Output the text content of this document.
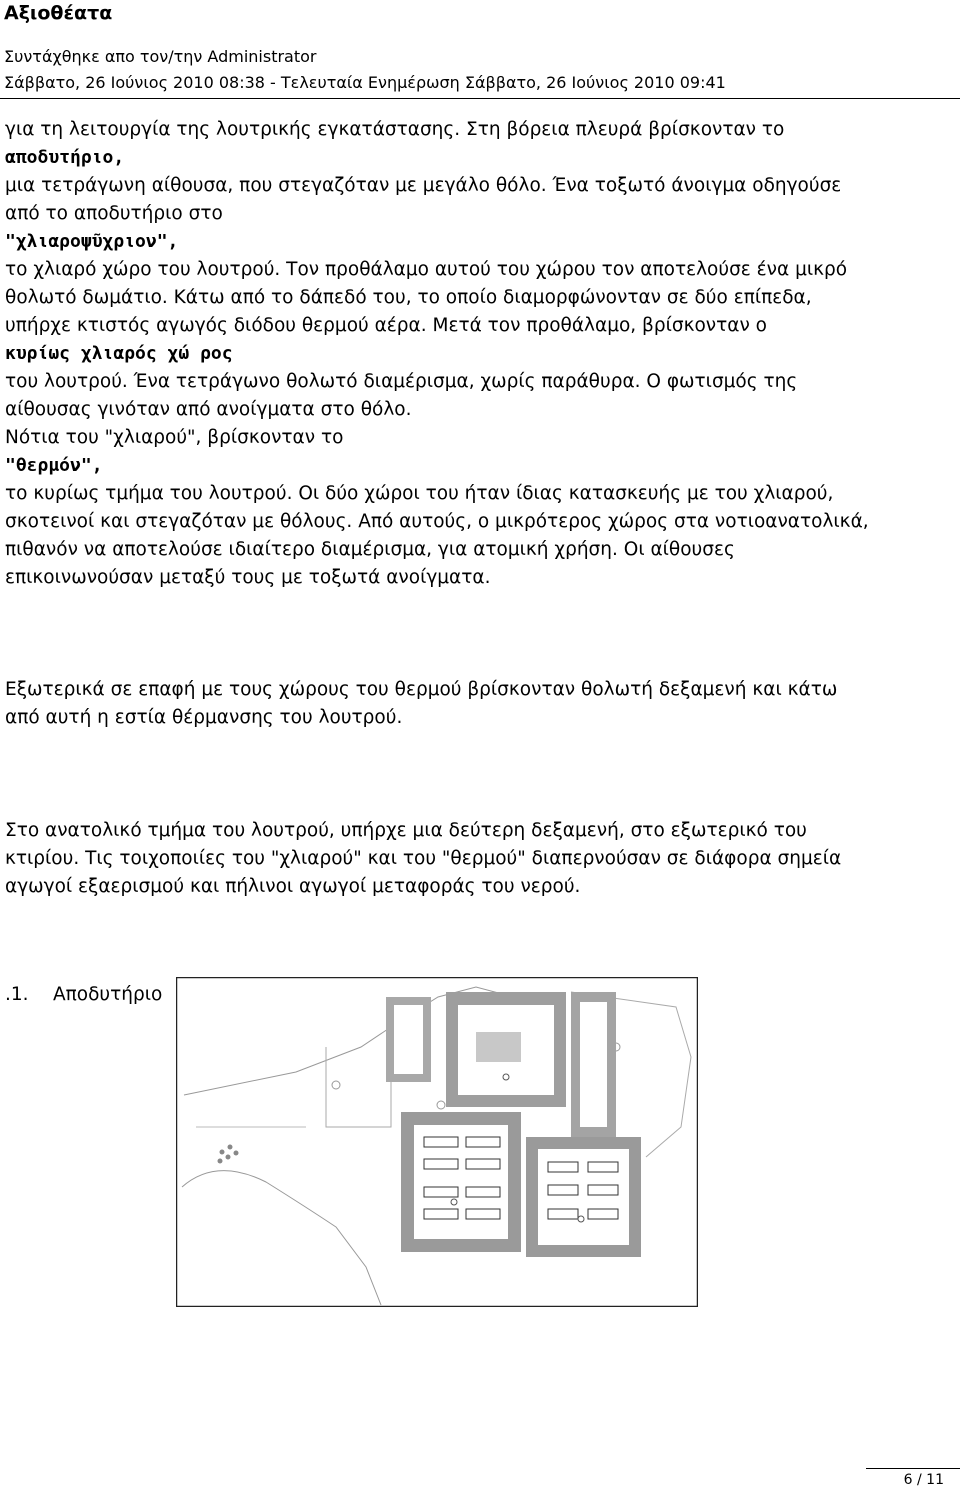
Αξιοθέατα
Συντάχθηκε απο τον/την Administrator
Σάββατο, 26 Ιούνιος 2010 08:38 - Τελευταία Ενημέρωση Σάββατο, 26 Ιούνιος 2010 09:41

για τη λειτουργία της λουτρικής εγκατάστασης. Στη βόρεια πλευρά βρίσκονταν το

αποδυτήριο,

μια τετράγωνη αίθουσα, που στεγαζόταν με μεγάλο θόλο. Ένα τοξωτό άνοιγμα οδηγούσε

από το αποδυτήριο στο

"χλιαροψῦχριον",

το χλιαρό χώρο του λουτρού. Τον προθάλαμο αυτού του χώρου τον αποτελούσε ένα μικρό

θολωτό δωμάτιο. Κάτω από το δάπεδό του, το οποίο διαμορφώνονταν σε δύο επίπεδα,

υπήρχε κτιστός αγωγός διόδου θερμού αέρα. Μετά τον προθάλαμο, βρίσκονταν ο

κυρίως χλιαρός χώ ρος

του λουτρού. Ένα τετράγωνο θολωτό διαμέρισμα, χωρίς παράθυρα. Ο φωτισμός της

αίθουσας γινόταν από ανοίγματα στο θόλο.

Νότια του "χλιαρού", βρίσκονταν το

"θερμόν",

το κυρίως τμήμα του λουτρού. Οι δύο χώροι του ήταν ίδιας κατασκευής με του χλιαρού,

σκοτεινοί και στεγαζόταν με θόλους. Από αυτούς, ο μικρότερος χώρος στα νοτιοανατολικά,

πιθανόν να αποτελούσε ιδιαίτερο διαμέρισμα, για ατομική χρήση. Οι αίθουσες

επικοινωνούσαν μεταξύ τους με τοξωτά ανοίγματα.

Εξωτερικά σε επαφή με τους χώρους του θερμού βρίσκονταν θολωτή δεξαμενή και κάτω

από αυτή η εστία θέρμανσης του λουτρού.

Στο ανατολικό τμήμα του λουτρού, υπήρχε μια δεύτερη δεξαμενή, στο εξωτερικό του

κτιρίου. Τις τοιχοποιίες του "χλιαρού" και του "θερμού" διαπερνούσαν σε διάφορα σημεία

αγωγοί εξαερισμού και πήλινοι αγωγοί μεταφοράς του νερού.

.1. Αποδυτήριο
6 / 11
